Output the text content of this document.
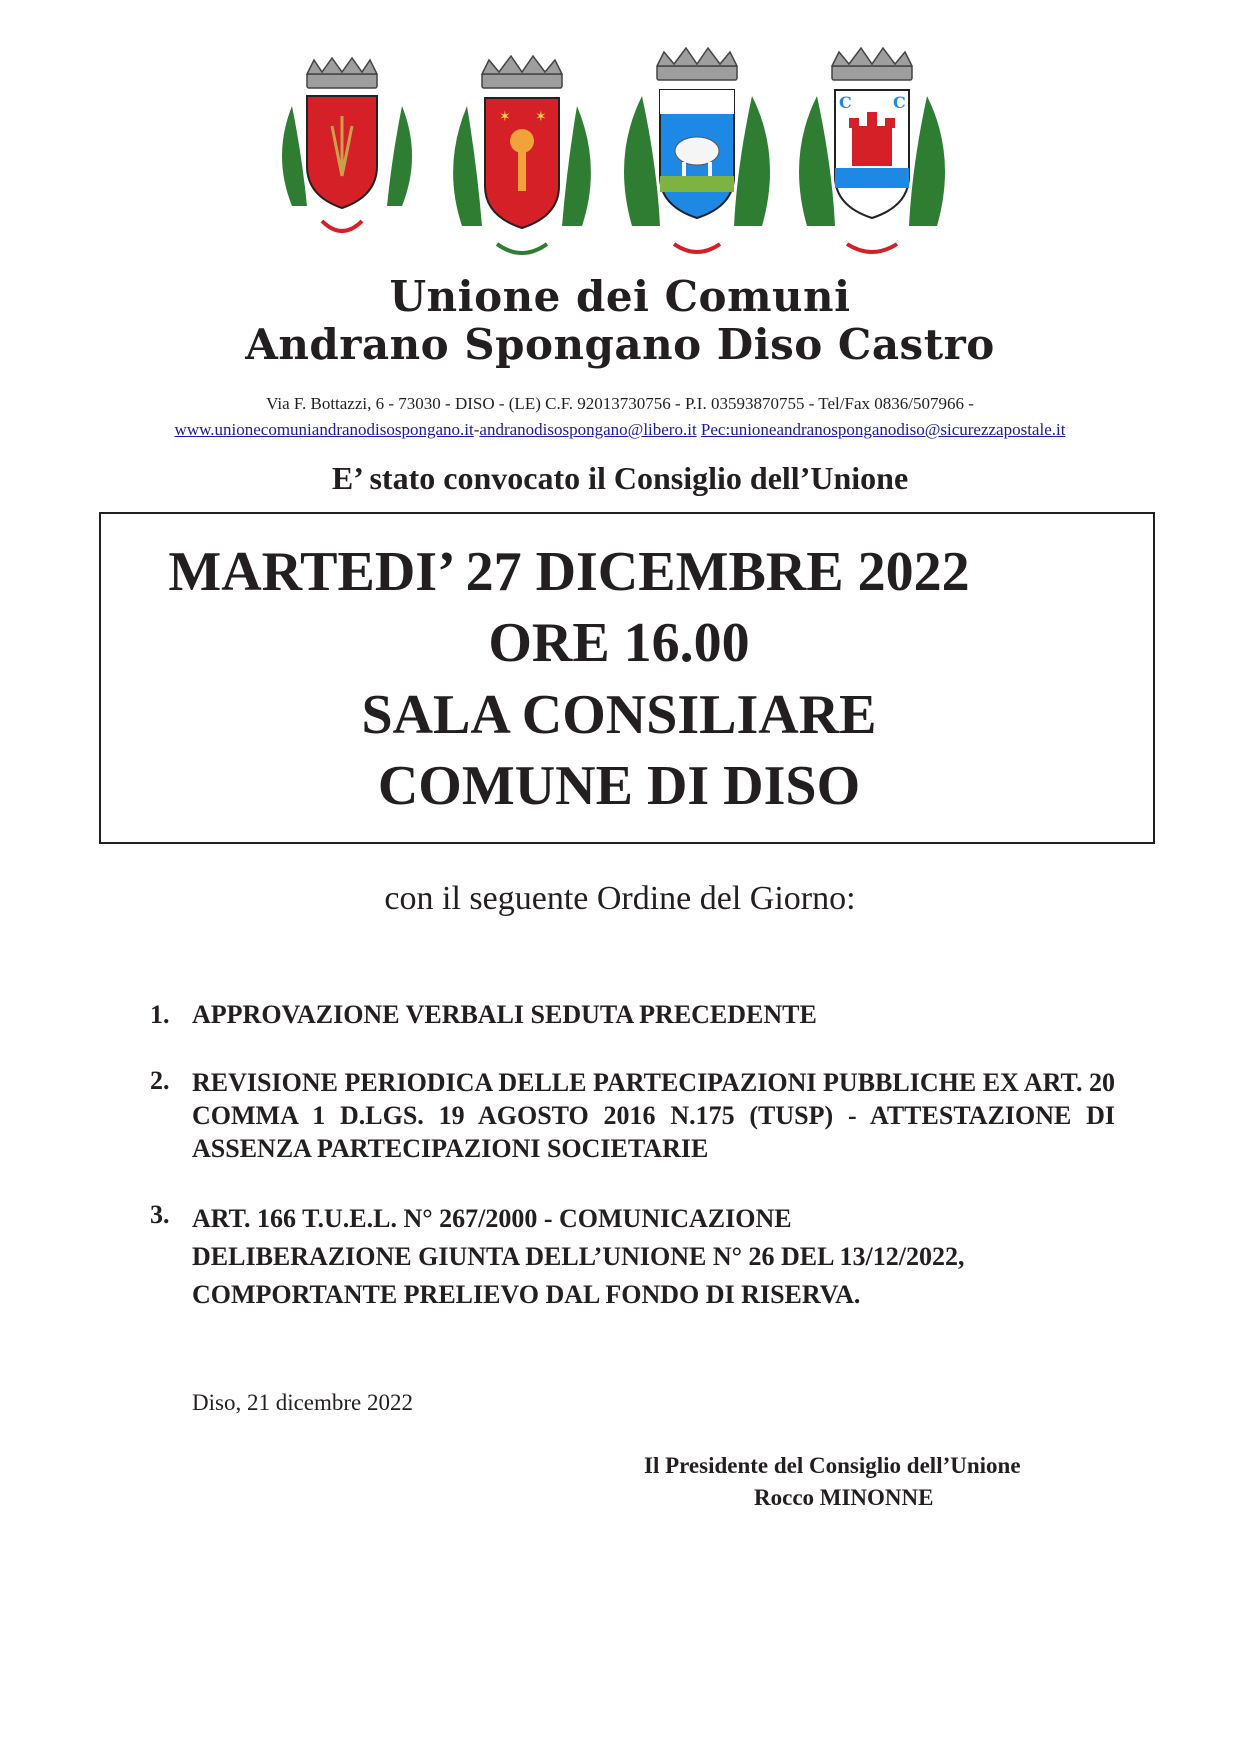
✶ ✶
C	C
Unione dei Comuni
Andrano Spongano Diso Castro
Via F. Bottazzi, 6 - 73030 - DISO - (LE) C.F. 92013730756 - P.I. 03593870755 - Tel/Fax 0836/507966 -
www.unionecomuniandranodisospongano.it-andranodisospongano@libero.it Pec:unioneandranosponganodiso@sicurezzapostale.it
E’ stato convocato il Consiglio dell’Unione
MARTEDI’ 27 DICEMBRE 2022
ORE 16.00
SALA CONSILIARE
COMUNE DI DISO
con il seguente Ordine del Giorno:
1. APPROVAZIONE VERBALI SEDUTA PRECEDENTE
2. REVISIONE PERIODICA DELLE PARTECIPAZIONI PUBBLICHE EX ART. 20 COMMA 1 D.LGS. 19 AGOSTO 2016 N.175 (TUSP) - ATTESTAZIONE DI ASSENZA PARTECIPAZIONI SOCIETARIE
3. ART. 166 T.U.E.L. N° 267/2000 - COMUNICAZIONE
DELIBERAZIONE GIUNTA DELL’UNIONE N° 26 DEL 13/12/2022,
COMPORTANTE PRELIEVO DAL FONDO DI RISERVA.
Diso, 21 dicembre 2022
Il Presidente del Consiglio dell’Unione
Rocco MINONNE
